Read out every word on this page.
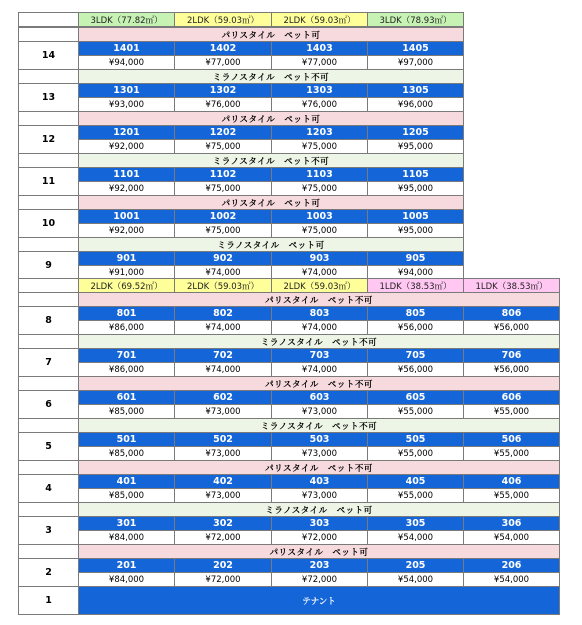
3LDK（77.82㎡）	2LDK（59.03㎡）	2LDK（59.03㎡）	3LDK（78.93㎡）
14
パリスタイル　ペット可
1401	1402	1403	1405
¥94,000	¥77,000	¥77,000	¥97,000
13
ミラノスタイル　ペット不可
1301	1302	1303	1305
¥93,000	¥76,000	¥76,000	¥96,000
12
パリスタイル　ペット可
1201	1202	1203	1205
¥92,000	¥75,000	¥75,000	¥95,000
11
ミラノスタイル　ペット不可
1101	1102	1103	1105
¥92,000	¥75,000	¥75,000	¥95,000
10
パリスタイル　ペット可
1001	1002	1003	1005
¥92,000	¥75,000	¥75,000	¥95,000
9
ミラノスタイル　ペット可
901	902	903	905
¥91,000	¥74,000	¥74,000	¥94,000
2LDK（69.52㎡）	2LDK（59.03㎡）	2LDK（59.03㎡）	1LDK（38.53㎡）	1LDK（38.53㎡）
8
パリスタイル　ペット不可
801	802	803	805	806
¥86,000	¥74,000	¥74,000	¥56,000	¥56,000
7
ミラノスタイル　ペット不可
701	702	703	705	706
¥86,000	¥74,000	¥74,000	¥56,000	¥56,000
6
パリスタイル　ペット不可
601	602	603	605	606
¥85,000	¥73,000	¥73,000	¥55,000	¥55,000
5
ミラノスタイル　ペット不可
501	502	503	505	506
¥85,000	¥73,000	¥73,000	¥55,000	¥55,000
4
パリスタイル　ペット不可
401	402	403	405	406
¥85,000	¥73,000	¥73,000	¥55,000	¥55,000
3
ミラノスタイル　ペット可
301	302	303	305	306
¥84,000	¥72,000	¥72,000	¥54,000	¥54,000
2
パリスタイル　ペット可
201	202	203	205	206
¥84,000	¥72,000	¥72,000	¥54,000	¥54,000
1	テナント
